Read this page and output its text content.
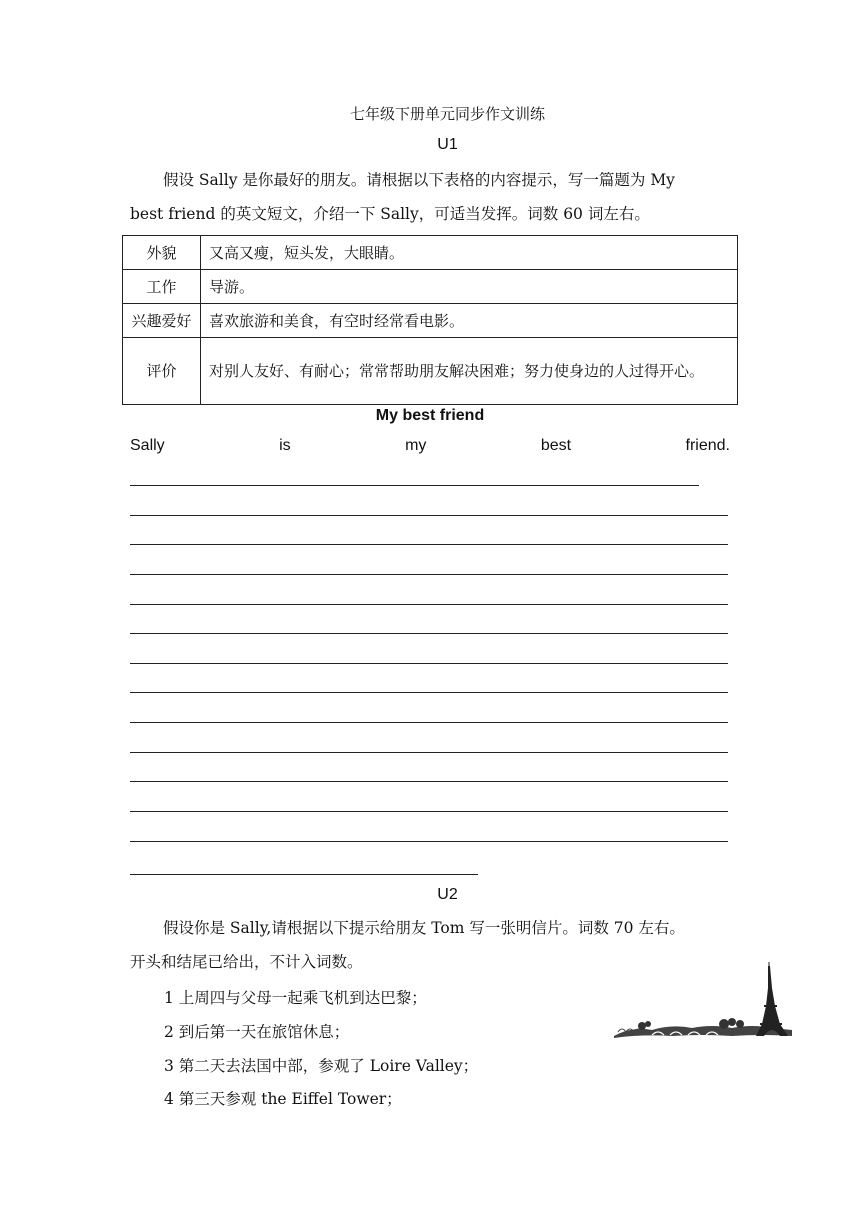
七年级下册单元同步作文训练
U1
假设 Sally 是你最好的朋友。请根据以下表格的内容提示，写一篇题为 My
best friend 的英文短文，介绍一下 Sally，可适当发挥。词数 60 词左右。
外貌	又高又瘦，短头发，大眼睛。
工作	导游。
兴趣爱好	喜欢旅游和美食，有空时经常看电影。
评价	对别人友好、有耐心；常常帮助朋友解决困难；努力使身边的人过得开心。
My best friend
Sally	is	my	best	friend.
U2
假设你是 Sally,请根据以下提示给朋友 Tom 写一张明信片。词数 70 左右。
开头和结尾已给出，不计入词数。
1 上周四与父母一起乘飞机到达巴黎；
2 到后第一天在旅馆休息；
3 第二天去法国中部，参观了 Loire Valley；
4 第三天参观 the Eiffel Tower；
